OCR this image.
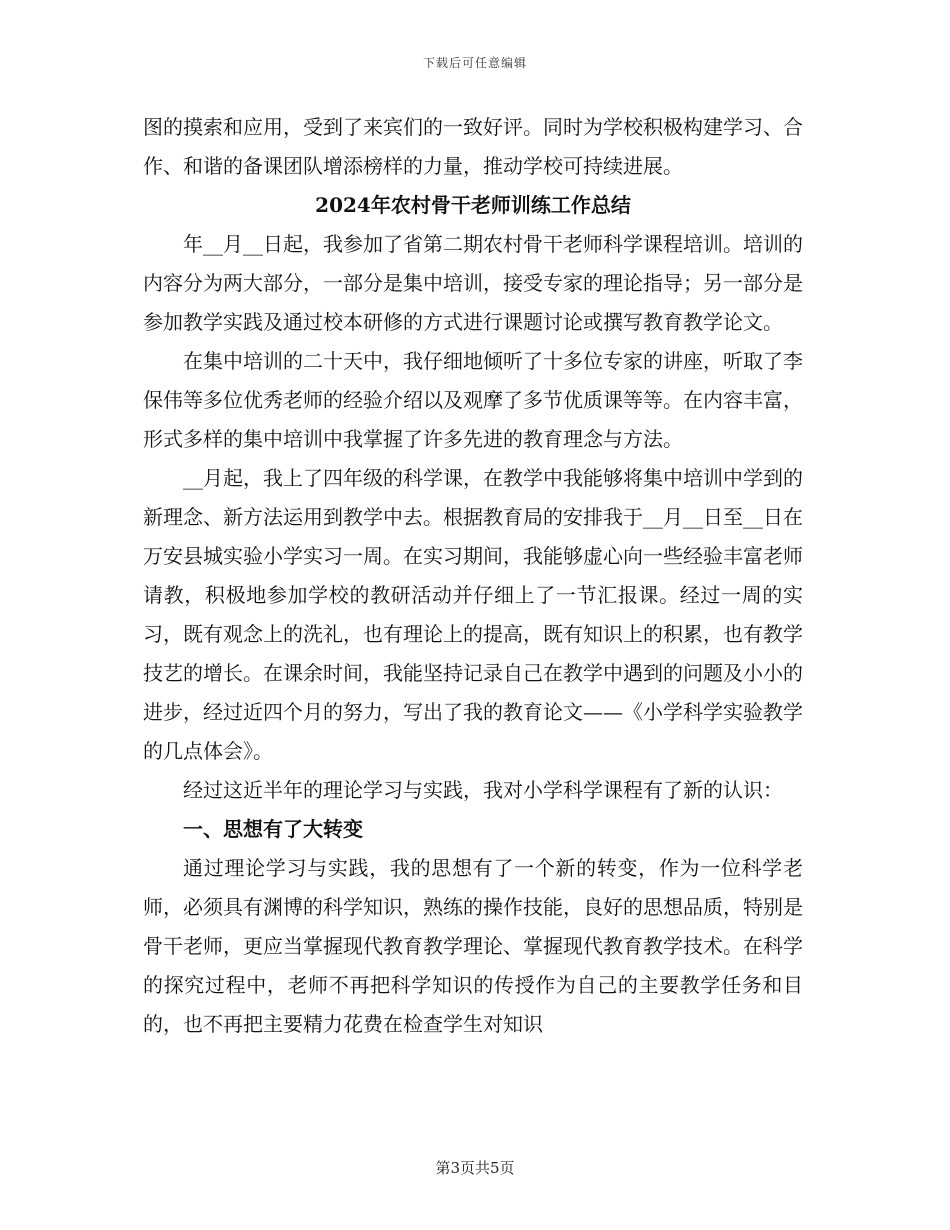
下载后可任意编辑

图的摸索和应用，受到了来宾们的一致好评。同时为学校积极构建学习、合作、和谐的备课团队增添榜样的力量，推动学校可持续进展。

2024年农村骨干老师训练工作总结

年__月__日起，我参加了省第二期农村骨干老师科学课程培训。培训的内容分为两大部分，一部分是集中培训，接受专家的理论指导；另一部分是参加教学实践及通过校本研修的方式进行课题讨论或撰写教育教学论文。

在集中培训的二十天中，我仔细地倾听了十多位专家的讲座，听取了李保伟等多位优秀老师的经验介绍以及观摩了多节优质课等等。在内容丰富，形式多样的集中培训中我掌握了许多先进的教育理念与方法。

__月起，我上了四年级的科学课，在教学中我能够将集中培训中学到的新理念、新方法运用到教学中去。根据教育局的安排我于__月__日至__日在万安县城实验小学实习一周。在实习期间，我能够虚心向一些经验丰富老师请教，积极地参加学校的教研活动并仔细上了一节汇报课。经过一周的实习，既有观念上的洗礼，也有理论上的提高，既有知识上的积累，也有教学技艺的增长。在课余时间，我能坚持记录自己在教学中遇到的问题及小小的进步，经过近四个月的努力，写出了我的教育论文——《小学科学实验教学的几点体会》。

经过这近半年的理论学习与实践，我对小学科学课程有了新的认识：

一、思想有了大转变

通过理论学习与实践，我的思想有了一个新的转变，作为一位科学老师，必须具有渊博的科学知识，熟练的操作技能，良好的思想品质，特别是骨干老师，更应当掌握现代教育教学理论、掌握现代教育教学技术。在科学的探究过程中，老师不再把科学知识的传授作为自己的主要教学任务和目的，也不再把主要精力花费在检查学生对知识

第3页共5页
